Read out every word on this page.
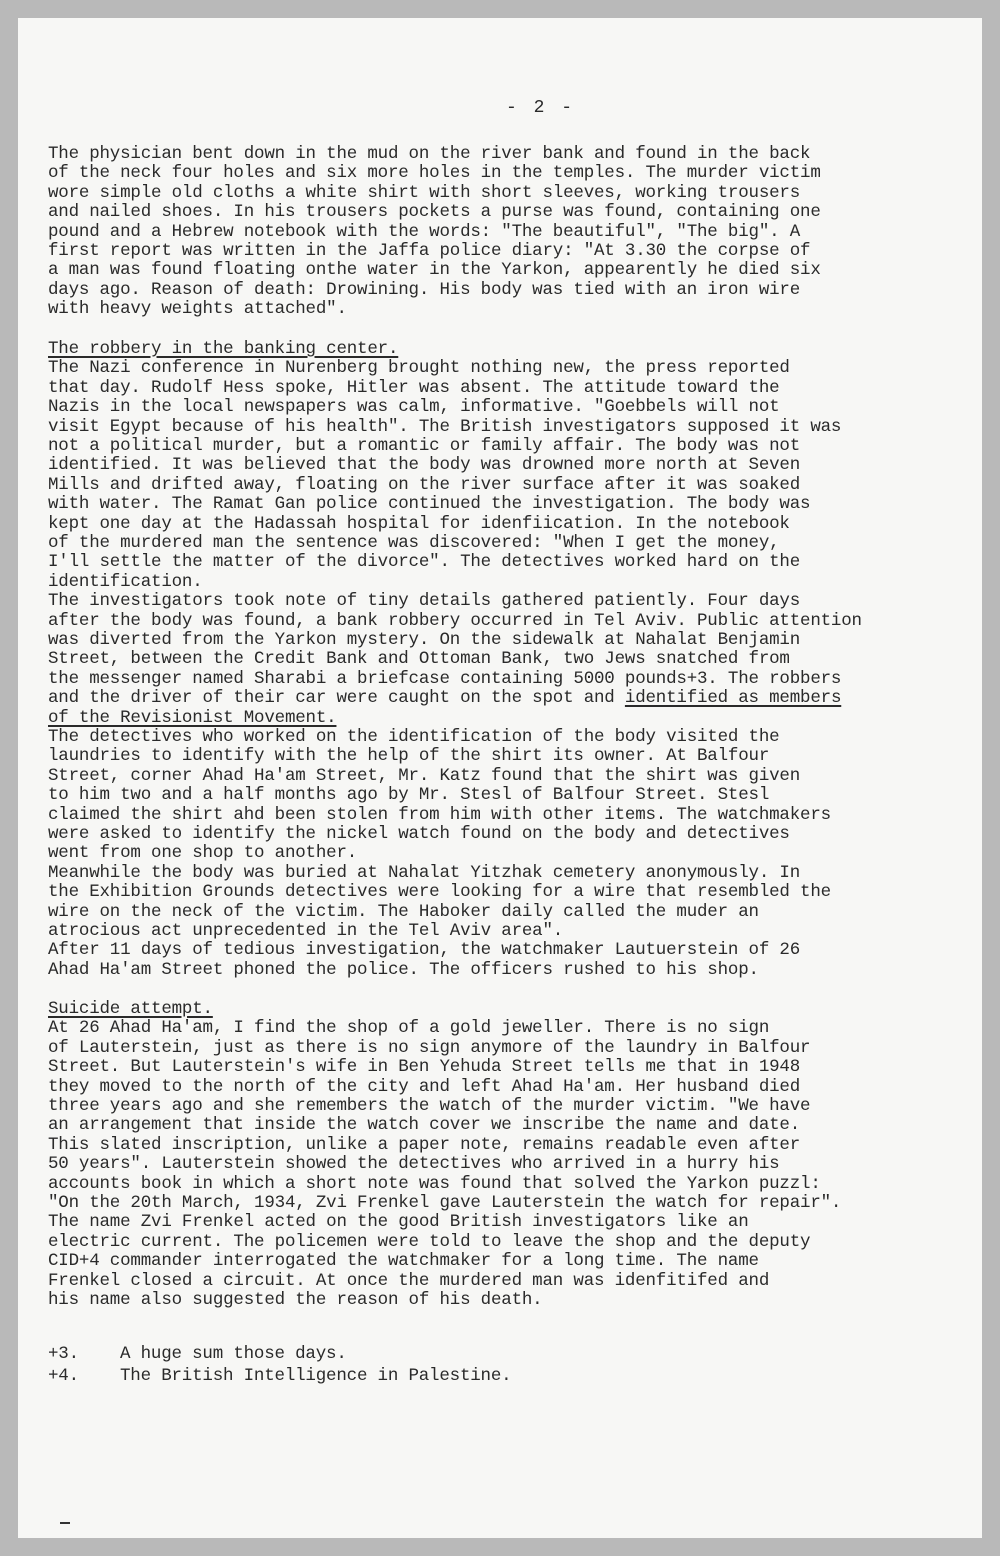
- 2 -
The physician bent down in the mud on the river bank and found in the back
of the neck four holes and six more holes in the temples. The murder victim
wore simple old cloths a white shirt with short sleeves, working trousers
and nailed shoes. In his trousers pockets a purse was found, containing one
pound and a Hebrew notebook with the words: "The beautiful", "The big". A
first report was written in the Jaffa police diary: "At 3.30 the corpse of
a man was found floating onthe water in the Yarkon, appearently he died six
days ago. Reason of death: Drowining. His body was tied with an iron wire
with heavy weights attached".
The robbery in the banking center.
The Nazi conference in Nurenberg brought nothing new, the press reported
that day. Rudolf Hess spoke, Hitler was absent. The attitude toward the
Nazis in the local newspapers was calm, informative. "Goebbels will not
visit Egypt because of his health". The British investigators supposed it was
not a political murder, but a romantic or family affair. The body was not
identified. It was believed that the body was drowned more north at Seven
Mills and drifted away, floating on the river surface after it was soaked
with water. The Ramat Gan police continued the investigation. The body was
kept one day at the Hadassah hospital for idenfiication. In the notebook
of the murdered man the sentence was discovered: "When I get the money,
I'll settle the matter of the divorce". The detectives worked hard on the
identification.
The investigators took note of tiny details gathered patiently. Four days
after the body was found, a bank robbery occurred in Tel Aviv. Public attention
was diverted from the Yarkon mystery. On the sidewalk at Nahalat Benjamin
Street, between the Credit Bank and Ottoman Bank, two Jews snatched from
the messenger named Sharabi a briefcase containing 5000 pounds+3. The robbers
and the driver of their car were caught on the spot and identified as members
of the Revisionist Movement.
The detectives who worked on the identification of the body visited the
laundries to identify with the help of the shirt its owner. At Balfour
Street, corner Ahad Ha'am Street, Mr. Katz found that the shirt was given
to him two and a half months ago by Mr. Stesl of Balfour Street. Stesl
claimed the shirt ahd been stolen from him with other items. The watchmakers
were asked to identify the nickel watch found on the body and detectives
went from one shop to another.
Meanwhile the body was buried at Nahalat Yitzhak cemetery anonymously. In
the Exhibition Grounds detectives were looking for a wire that resembled the
wire on the neck of the victim. The Haboker daily called the muder an
atrocious act unprecedented in the Tel Aviv area".
After 11 days of tedious investigation, the watchmaker Lautuerstein of 26
Ahad Ha'am Street phoned the police. The officers rushed to his shop.
Suicide attempt.
At 26 Ahad Ha'am, I find the shop of a gold jeweller. There is no sign
of Lauterstein, just as there is no sign anymore of the laundry in Balfour
Street. But Lauterstein's wife in Ben Yehuda Street tells me that in 1948
they moved to the north of the city and left Ahad Ha'am. Her husband died
three years ago and she remembers the watch of the murder victim. "We have
an arrangement that inside the watch cover we inscribe the name and date.
This slated inscription, unlike a paper note, remains readable even after
50 years". Lauterstein showed the detectives who arrived in a hurry his
accounts book in which a short note was found that solved the Yarkon puzzl:
"On the 20th March, 1934, Zvi Frenkel gave Lauterstein the watch for repair".
The name Zvi Frenkel acted on the good British investigators like an
electric current. The policemen were told to leave the shop and the deputy
CID+4 commander interrogated the watchmaker for a long time. The name
Frenkel closed a circuit. At once the murdered man was idenfitifed and
his name also suggested the reason of his death.
+3. A huge sum those days.
+4. The British Intelligence in Palestine.
